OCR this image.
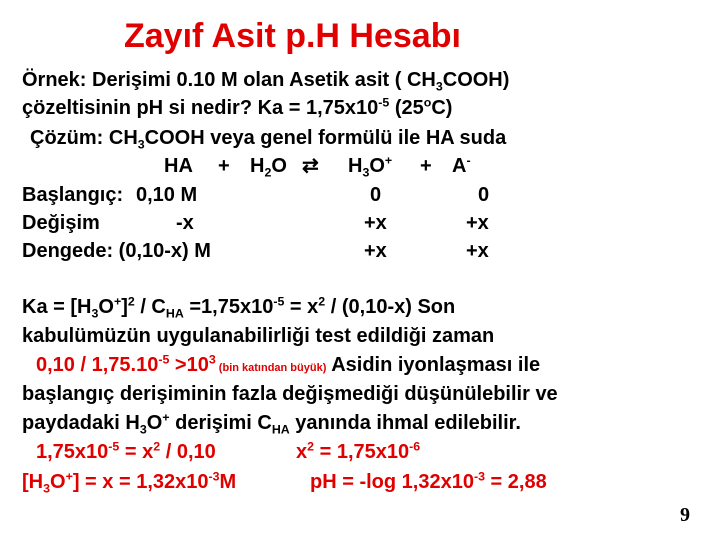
Zayıf Asit p.H Hesabı
Örnek: Derişimi 0.10 M olan Asetik asit ( $CH_3COOH$)
çözeltisinin pH si nedir? $Ka = 1,75x10^{-5}$ (25$^o$C)
Çözüm: $CH_3COOH$ veya genel formülü ile HA suda
HA + $H_2O$ ⇄ $H_3O^+ + A^-$
Başlangıç: 0,10 M	0	0
Değişim	-x	+x	+x
Dengede: (0,10-x) M	+x	+x
$Ka = [H_3O^+]^2 / C_{HA} =1,75x10^{-5} = x^2 / (0,10-x)$ Son
kabulümüzün uygulanabilirliği test edildiği zaman
$0,10 / 1,75.10^{-5} >10^3$ (bin katından büyük) Asidin iyonlaşması ile
başlangıç derişiminin fazla değişmediği düşünülebilir ve
paydadaki $H_3O^+$ derişimi $C_{HA}$ yanında ihmal edilebilir.
$1,75x10^{-5} = x^2 / 0,10$	$x^2 = 1,75x10^{-6}$
$[H_3O^+] = x = 1,32x10^{-3}M$	pH = -log $1,32x10^{-3} = 2,88$
9
